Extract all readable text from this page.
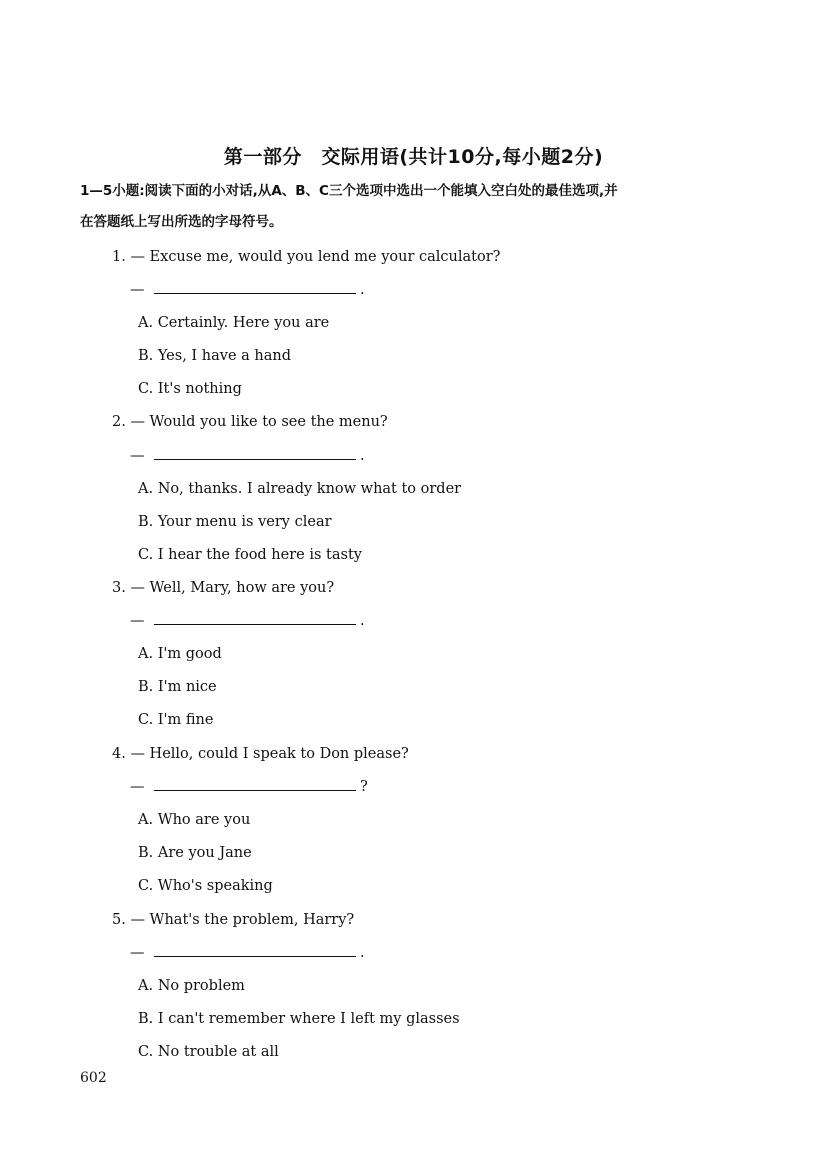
第一部分　交际用语(共计10分,每小题2分)
1—5小题:阅读下面的小对话,从A、B、C三个选项中选出一个能填入空白处的最佳选项,并
在答题纸上写出所选的字母符号。
1. — Excuse me, would you lend me your calculator?
—	.
A. Certainly. Here you are
B. Yes, I have a hand
C. It's nothing
2. — Would you like to see the menu?
—	.
A. No, thanks. I already know what to order
B. Your menu is very clear
C. I hear the food here is tasty
3. — Well, Mary, how are you?
—	.
A. I'm good
B. I'm nice
C. I'm fine
4. — Hello, could I speak to Don please?
—	?
A. Who are you
B. Are you Jane
C. Who's speaking
5. — What's the problem, Harry?
—	.
A. No problem
B. I can't remember where I left my glasses
C. No trouble at all
602
